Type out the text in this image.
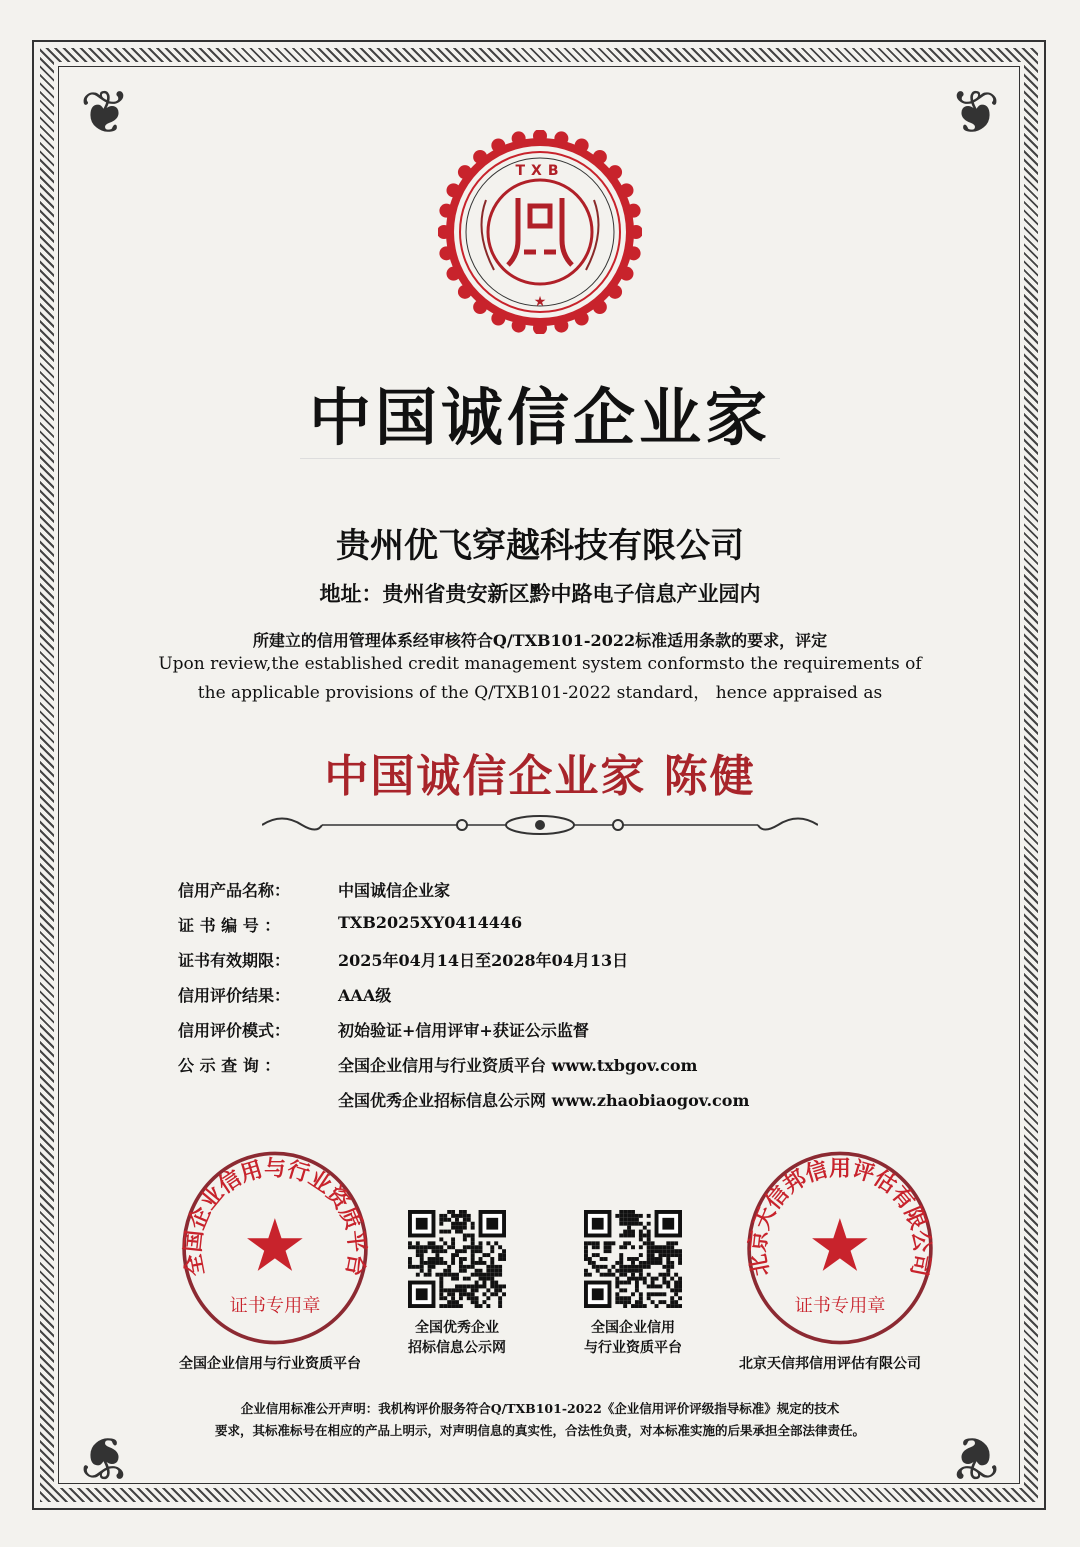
❦	❦
❦	❦
TXB
★
中国诚信企业家
贵州优飞穿越科技有限公司
地址：贵州省贵安新区黔中路电子信息产业园内
所建立的信用管理体系经审核符合Q/TXB101-2022标准适用条款的要求，评定
Upon review,the established credit management system conformsto the requirements of
the applicable provisions of the Q/TXB101-2022 standard， hence appraised as
中国诚信企业家 陈健
信用产品名称：	中国诚信企业家
证 书 编 号 ：	TXB2025XY0414446
证书有效期限：	2025年04月14日至2028年04月13日
信用评价结果：	AAA级
信用评价模式：	初始验证+信用评审+获证公示监督
公 示 查 询 ：	全国企业信用与行业资质平台 www.txbgov.com
全国优秀企业招标信息公示网 www.zhaobiaogov.com
全国企业信用与行业资质平台
★
证书专用章
北京天信邦信用评估有限公司
★
证书专用章
全国企业信用与行业资质平台	北京天信邦信用评估有限公司
全国优秀企业
招标信息公示网
全国企业信用
与行业资质平台
企业信用标准公开声明：我机构评价服务符合Q/TXB101-2022《企业信用评价评级指导标准》规定的技术
要求，其标准标号在相应的产品上明示，对声明信息的真实性，合法性负责，对本标准实施的后果承担全部法律责任。
